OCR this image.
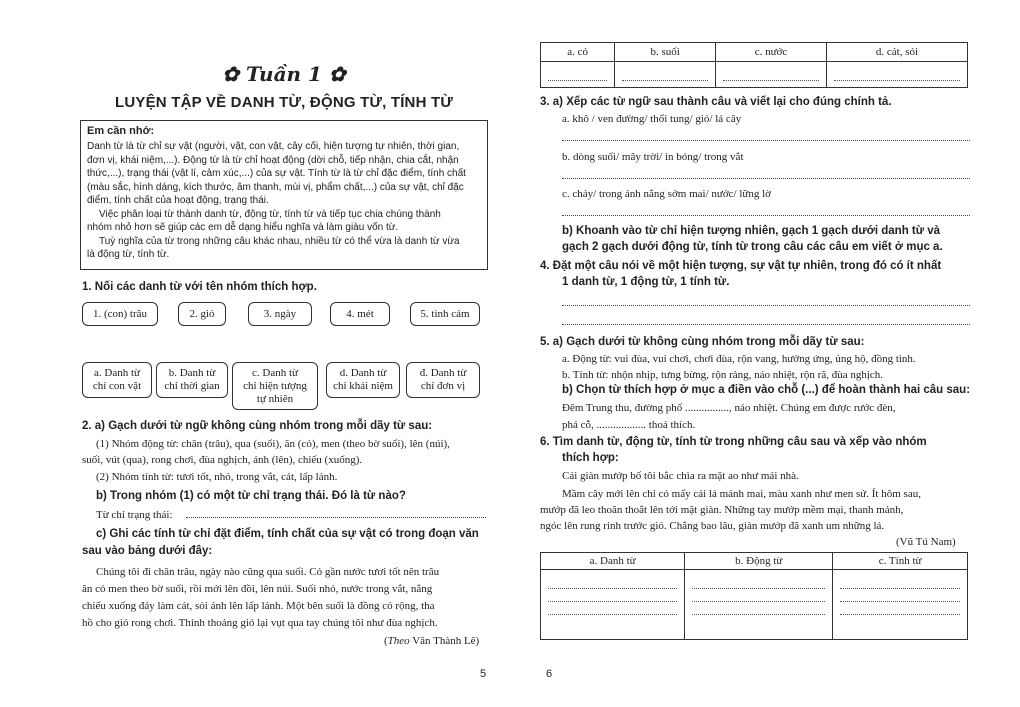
✿ Tuần 1 ✿
LUYỆN TẬP VỀ DANH TỪ, ĐỘNG TỪ, TÍNH TỪ

Em cần nhớ:

Danh từ là từ chỉ sự vật (người, vật, con vật, cây cối, hiện tượng tự nhiên, thời gian,

đơn vị, khái niệm,...). Động từ là từ chỉ hoạt động (dời chỗ, tiếp nhận, chia cắt, nhận

thức,...), trạng thái (vật lí, cảm xúc,...) của sự vật. Tính từ là từ chỉ đặc điểm, tính chất

(màu sắc, hình dáng, kích thước, âm thanh, mùi vị, phẩm chất,...) của sự vật, chỉ đặc

điểm, tính chất của hoạt động, trạng thái.

Việc phân loại từ thành danh từ, động từ, tính từ và tiếp tục chia chúng thành

nhóm nhỏ hơn sẽ giúp các em dễ dạng hiểu nghĩa và làm giàu vốn từ.

Tuỳ nghĩa của từ trong những câu khác nhau, nhiều từ có thể vừa là danh từ vừa

là động từ, tính từ.

1. Nối các danh từ với tên nhóm thích hợp.
1. (con) trâu	2. gió	3. ngày	4. mét	5. tình cảm
a. Danh từ
chỉ con vật
b. Danh từ
chỉ thời gian
c. Danh từ
chỉ hiện tượng
tự nhiên
d. Danh từ
chỉ khái niệm
đ. Danh từ
chỉ đơn vị
2. a) Gạch dưới từ ngữ không cùng nhóm trong mỗi dãy từ sau:
(1) Nhóm động từ: chăn (trâu), qua (suối), ăn (cỏ), men (theo bờ suối), lên (núi),
suối, vút (qua), rong chơi, đùa nghịch, ánh (lên), chiếu (xuống).
(2) Nhóm tính từ: tươi tốt, nhỏ, trong vắt, cát, lấp lánh.
b) Trong nhóm (1) có một từ chỉ trạng thái. Đó là từ nào?
Từ chỉ trạng thái:
c) Ghi các tính từ chỉ đặt điểm, tính chất của sự vật có trong đoạn văn
sau vào bảng dưới đây:
Chúng tôi đi chăn trâu, ngày nào cũng qua suối. Cỏ gần nước tươi tốt nên trâu
ăn cỏ men theo bờ suối, rồi mới lên đồi, lên núi. Suối nhỏ, nước trong vắt, nắng
chiếu xuống đáy làm cát, sỏi ánh lên lấp lánh. Một bên suối là đồng cỏ rộng, tha
hồ cho gió rong chơi. Thỉnh thoảng gió lại vụt qua tay chúng tôi như đùa nghịch.
(Theo Văn Thành Lê)
5
a. cỏ	b. suối	c. nước	d. cát, sỏi

3. a) Xếp các từ ngữ sau thành câu và viết lại cho đúng chính tả.
a. khô / ven đường/ thổi tung/ gió/ lá cây
b. dòng suối/ mây trời/ in bóng/ trong vắt
c. chảy/ trong ánh nắng sớm mai/ nước/ lững lờ
b) Khoanh vào từ chỉ hiện tượng nhiên, gạch 1 gạch dưới danh từ và
gạch 2 gạch dưới động từ, tính từ trong câu các câu em viết ở mục a.
4. Đặt một câu nói về một hiện tượng, sự vật tự nhiên, trong đó có ít nhất
1 danh từ, 1 động từ, 1 tính từ.
5. a) Gạch dưới từ không cùng nhóm trong mỗi dãy từ sau:
a. Động từ: vui đùa, vui chơi, chơi đùa, rộn vang, hưởng ứng, ủng hộ, đồng tình.
b. Tính từ: nhộn nhịp, tưng bừng, rộn rảng, náo nhiệt, rộn rã, đùa nghịch.
b) Chọn từ thích hợp ở mục a điền vào chỗ (...) để hoàn thành hai câu sau:
Đêm Trung thu, đường phố ................, náo nhiệt. Chúng em được rước đèn,
phá cỗ, .................. thoả thích.
6. Tìm danh từ, động từ, tính từ trong những câu sau và xếp vào nhóm
thích hợp:
Cái giàn mướp bố tôi bắc chìa ra mặt ao như mái nhà.
Mầm cây mới lên chỉ có mấy cái lá mảnh mai, màu xanh như men sứ. Ít hôm sau,
mướp đã leo thoăn thoắt lên tới mặt giàn. Những tay mướp mềm mại, thanh mảnh,
ngóc lên rung rinh trước gió. Chẳng bao lâu, giàn mướp đã xanh um những lá.
(Vũ Tú Nam)
a. Danh từ	b. Động từ	c. Tính từ

6
